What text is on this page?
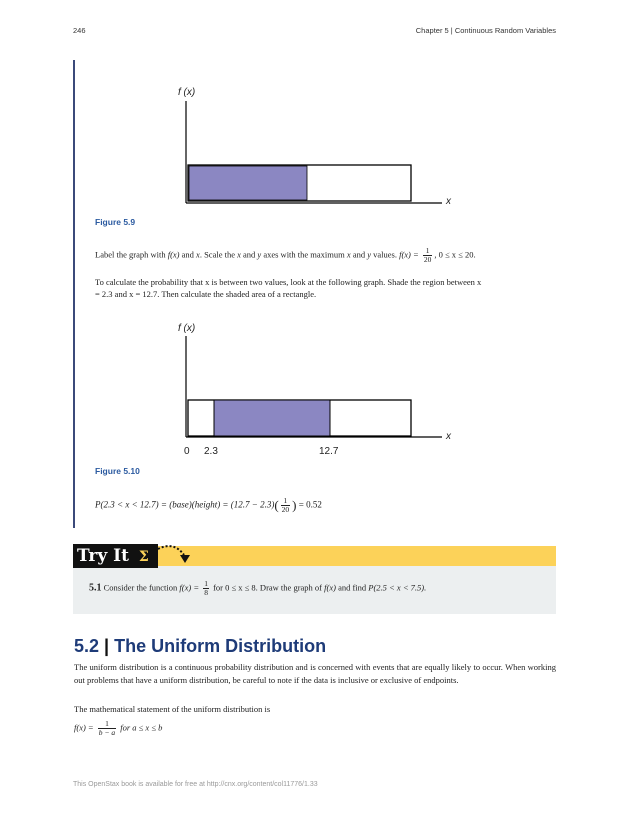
246	Chapter 5 | Continuous Random Variables
f (x)
x
Figure 5.9
Label the graph with f(x) and x. Scale the x and y axes with the maximum x and y values. $f(x) = \frac{1}{20}$ , 0 ≤ x ≤ 20.
To calculate the probability that x is between two values, look at the following graph. Shade the region between x
= 2.3 and x = 12.7. Then calculate the shaded area of a rectangle.
f (x)
x
0 2.3	12.7
Figure 5.10
P(2.3 < x < 12.7) = (base)(height) = $(12.7 - 2.3)( \frac{1}{20}$ ) = 0.52
Try It Σ
5.1 Consider the function $f(x) = \frac{1}{8}$ for 0 ≤ x ≤ 8. Draw the graph of f(x) and find P(2.5 < x < 7.5).
5.2 | The Uniform Distribution
The uniform distribution is a continuous probability distribution and is concerned with events that are equally likely to occur. When working out problems that have a uniform distribution, be careful to note if the data is inclusive or exclusive of endpoints.
The mathematical statement of the uniform distribution is
$f(x) = \frac{1}{b - a}$ for a ≤ x ≤ b
This OpenStax book is available for free at http://cnx.org/content/col11776/1.33
